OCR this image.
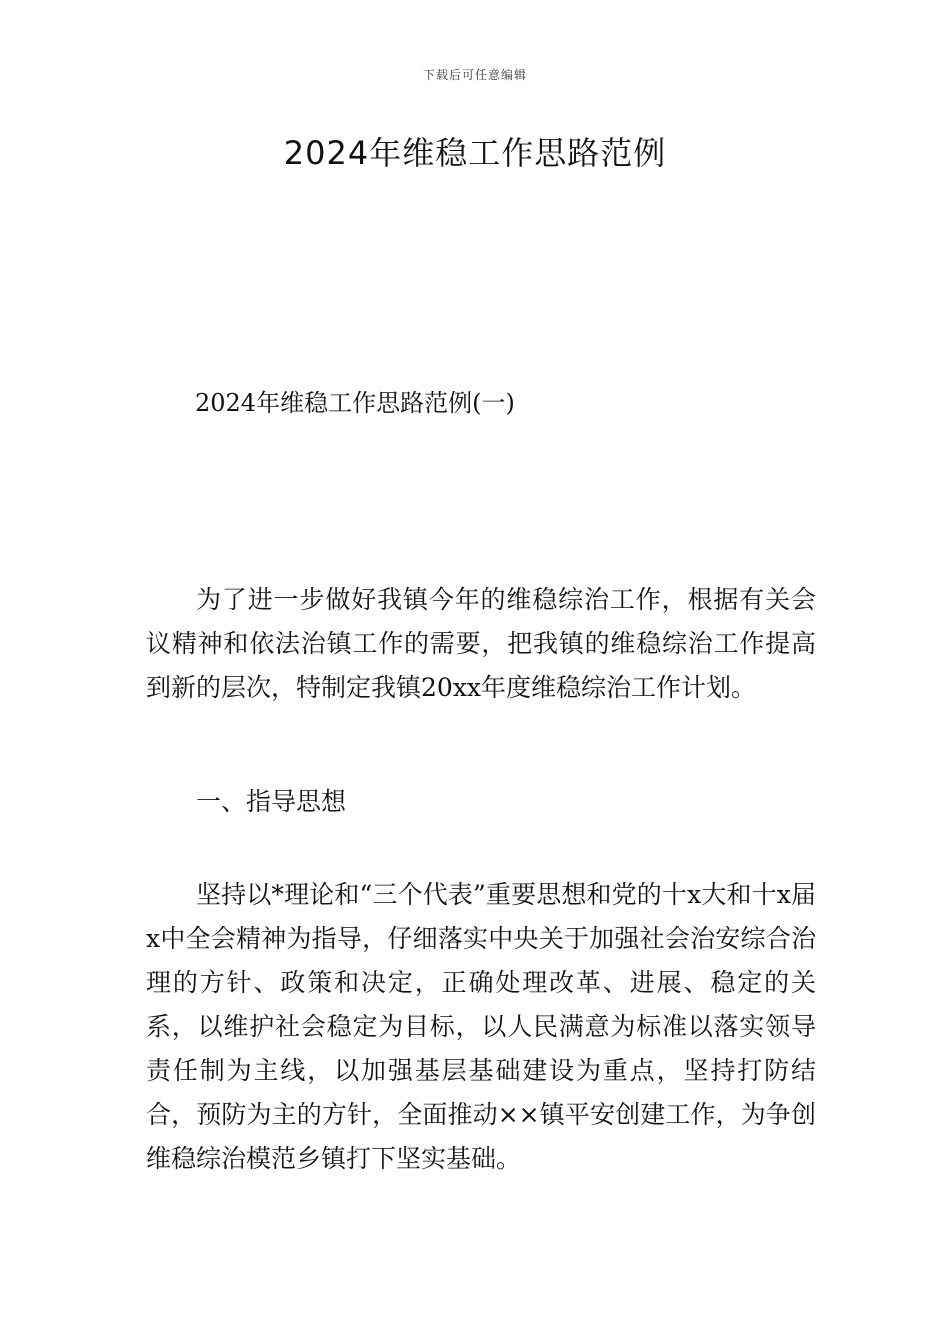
下载后可任意编辑
2024年维稳工作思路范例
2024年维稳工作思路范例(一)

为了进一步做好我镇今年的维稳综治工作，根据有关会议精神和依法治镇工作的需要，把我镇的维稳综治工作提高到新的层次，特制定我镇20xx年度维稳综治工作计划。

一、指导思想

坚持以*理论和“三个代表”重要思想和党的十x大和十x届x中全会精神为指导，仔细落实中央关于加强社会治安综合治理的方针、政策和决定，正确处理改革、进展、稳定的关系，以维护社会稳定为目标，以人民满意为标准以落实领导责任制为主线，以加强基层基础建设为重点，坚持打防结合，预防为主的方针，全面推动××镇平安创建工作，为争创维稳综治模范乡镇打下坚实基础。
